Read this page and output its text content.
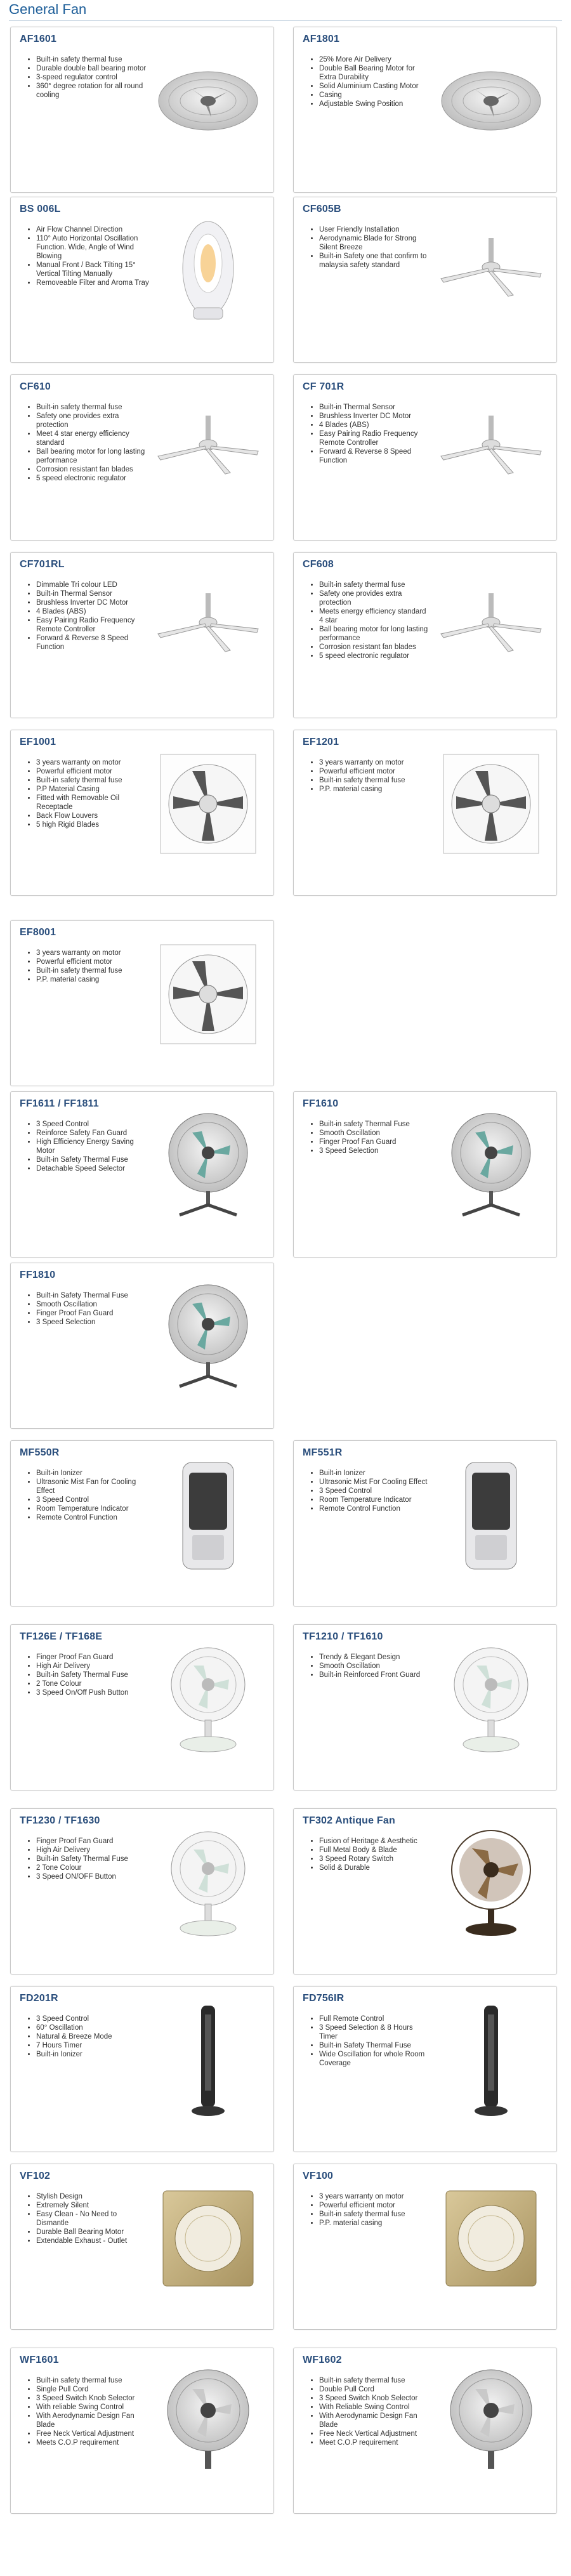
General Fan
AF1601
• Built-in safety thermal fuse
• Durable double ball bearing motor
• 3-speed regulator control
• 360° degree rotation for all round cooling
AF1801
• 25% More Air Delivery
• Double Ball Bearing Motor for Extra Durability
• Solid Aluminium Casting Motor
• Casing
• Adjustable Swing Position
BS 006L
• Air Flow Channel Direction
• 110° Auto Horizontal Oscillation Function. Wide, Angle of Wind Blowing
• Manual Front / Back Tilting 15° Vertical Tilting Manually
• Removeable Filter and Aroma Tray
CF605B
• User Friendly Installation
• Aerodynamic Blade for Strong Silent Breeze
• Built-in Safety one that confirm to malaysia safety standard
CF610
• Built-in safety thermal fuse
• Safety one provides extra protection
• Meet 4 star energy efficiency standard
• Ball bearing motor for long lasting performance
• Corrosion resistant fan blades
• 5 speed electronic regulator
CF 701R
• Built-in Thermal Sensor
• Brushless Inverter DC Motor
• 4 Blades (ABS)
• Easy Pairing Radio Frequency Remote Controller
• Forward & Reverse 8 Speed Function
CF701RL
• Dimmable Tri colour LED
• Built-in Thermal Sensor
• Brushless Inverter DC Motor
• 4 Blades (ABS)
• Easy Pairing Radio Frequency Remote Controller
• Forward & Reverse 8 Speed Function
CF608
• Built-in safety thermal fuse
• Safety one provides extra protection
• Meets energy efficiency standard 4 star
• Ball bearing motor for long lasting performance
• Corrosion resistant fan blades
• 5 speed electronic regulator
EF1001
• 3 years warranty on motor
• Powerful efficient motor
• Built-in safety thermal fuse
• P.P Material Casing
• Fitted with Removable Oil Receptacle
• Back Flow Louvers
• 5 high Rigid Blades
EF1201
• 3 years warranty on motor
• Powerful efficient motor
• Built-in safety thermal fuse
• P.P. material casing
EF8001
• 3 years warranty on motor
• Powerful efficient motor
• Built-in safety thermal fuse
• P.P. material casing
FF1611 / FF1811
• 3 Speed Control
• Reinforce Safety Fan Guard
• High Efficiency Energy Saving Motor
• Built-in Safety Thermal Fuse
• Detachable Speed Selector
FF1610
• Built-in safety Thermal Fuse
• Smooth Oscillation
• Finger Proof Fan Guard
• 3 Speed Selection
FF1810
• Built-in Safety Thermal Fuse
• Smooth Oscillation
• Finger Proof Fan Guard
• 3 Speed Selection
MF550R
• Built-in Ionizer
• Ultrasonic Mist Fan for Cooling Effect
• 3 Speed Control
• Room Temperature Indicator
• Remote Control Function
MF551R
• Built-in Ionizer
• Ultrasonic Mist For Cooling Effect
• 3 Speed Control
• Room Temperature Indicator
• Remote Control Function
TF126E / TF168E
• Finger Proof Fan Guard
• High Air Delivery
• Built-in Safety Thermal Fuse
• 2 Tone Colour
• 3 Speed On/Off Push Button
TF1210 / TF1610
• Trendy & Elegant Design
• Smooth Oscillation
• Built-in Reinforced Front Guard
TF1230 / TF1630
• Finger Proof Fan Guard
• High Air Delivery
• Built-in Safety Thermal Fuse
• 2 Tone Colour
• 3 Speed ON/OFF Button
TF302 Antique Fan
• Fusion of Heritage & Aesthetic
• Full Metal Body & Blade
• 3 Speed Rotary Switch
• Solid & Durable
FD201R
• 3 Speed Control
• 60° Oscillation
• Natural & Breeze Mode
• 7 Hours Timer
• Built-in Ionizer
FD756IR
• Full Remote Control
• 3 Speed Selection & 8 Hours Timer
• Built-in Safety Thermal Fuse
• Wide Oscillation for whole Room Coverage
VF102
• Stylish Design
• Extremely Silent
• Easy Clean - No Need to Dismantle
• Durable Ball Bearing Motor
• Extendable Exhaust - Outlet
VF100
• 3 years warranty on motor
• Powerful efficient motor
• Built-in safety thermal fuse
• P.P. material casing
WF1601
• Built-in safety thermal fuse
• Single Pull Cord
• 3 Speed Switch Knob Selector
• With reliable Swing Control
• With Aerodynamic Design Fan Blade
• Free Neck Vertical Adjustment
• Meets C.O.P requirement
WF1602
• Built-in safety thermal fuse
• Double Pull Cord
• 3 Speed Switch Knob Selector
• With Reliable Swing Control
• With Aerodynamic Design Fan Blade
• Free Neck Vertical Adjustment
• Meet C.O.P requirement
